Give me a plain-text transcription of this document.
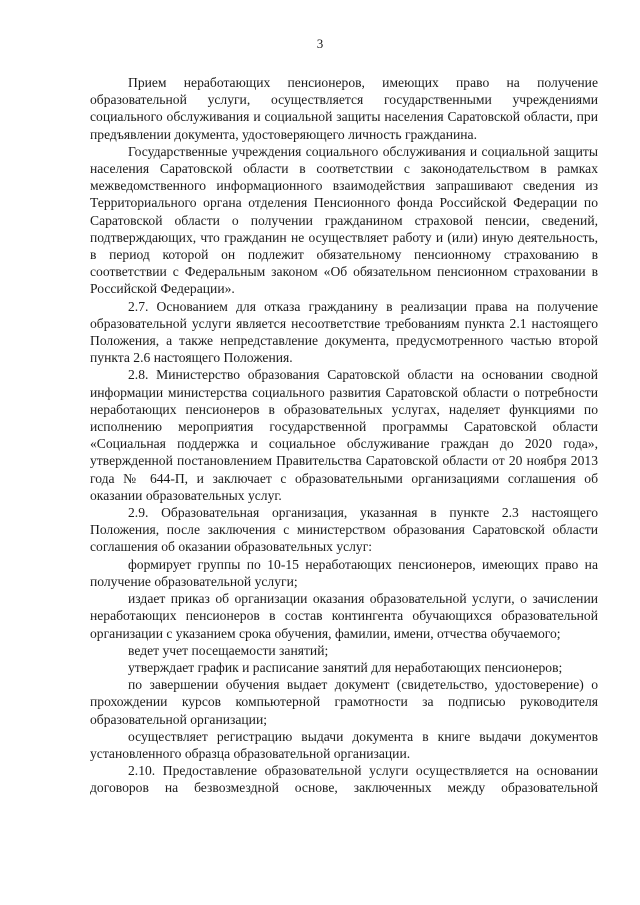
3

Прием неработающих пенсионеров, имеющих право на получение образовательной услуги, осуществляется государственными учреждениями социального обслуживания и социальной защиты населения Саратовской области, при предъявлении документа, удостоверяющего личность гражданина.

Государственные учреждения социального обслуживания и социальной защиты населения Саратовской области в соответствии с законодательством в рамках межведомственного информационного взаимодействия запрашивают сведения из Территориального органа отделения Пенсионного фонда Российской Федерации по Саратовской области о получении гражданином страховой пенсии, сведений, подтверждающих, что гражданин не осуществляет работу и (или) иную деятельность, в период которой он подлежит обязательному пенсионному страхованию в соответствии с Федеральным законом «Об обязательном пенсионном страховании в Российской Федерации».

2.7. Основанием для отказа гражданину в реализации права на получение образовательной услуги является несоответствие требованиям пункта 2.1 настоящего Положения, а также непредставление документа, предусмотренного частью второй пункта 2.6 настоящего Положения.

2.8. Министерство образования Саратовской области на основании сводной информации министерства социального развития Саратовской области о потребности неработающих пенсионеров в образовательных услугах, наделяет функциями по исполнению мероприятия государственной программы Саратовской области «Социальная поддержка и социальное обслуживание граждан до 2020 года», утвержденной постановлением Правительства Саратовской области от 20 ноября 2013 года № 644-П, и заключает с образовательными организациями соглашения об оказании образовательных услуг.

2.9. Образовательная организация, указанная в пункте 2.3 настоящего Положения, после заключения с министерством образования Саратовской области соглашения об оказании образовательных услуг:

формирует группы по 10-15 неработающих пенсионеров, имеющих право на получение образовательной услуги;

издает приказ об организации оказания образовательной услуги, о зачислении неработающих пенсионеров в состав контингента обучающихся образовательной организации с указанием срока обучения, фамилии, имени, отчества обучаемого;

ведет учет посещаемости занятий;

утверждает график и расписание занятий для неработающих пенсионеров;

по завершении обучения выдает документ (свидетельство, удостоверение) о прохождении курсов компьютерной грамотности за подписью руководителя образовательной организации;

осуществляет регистрацию выдачи документа в книге выдачи документов установленного образца образовательной организации.

2.10. Предоставление образовательной услуги осуществляется на основании договоров на безвозмездной основе, заключенных между образовательной
